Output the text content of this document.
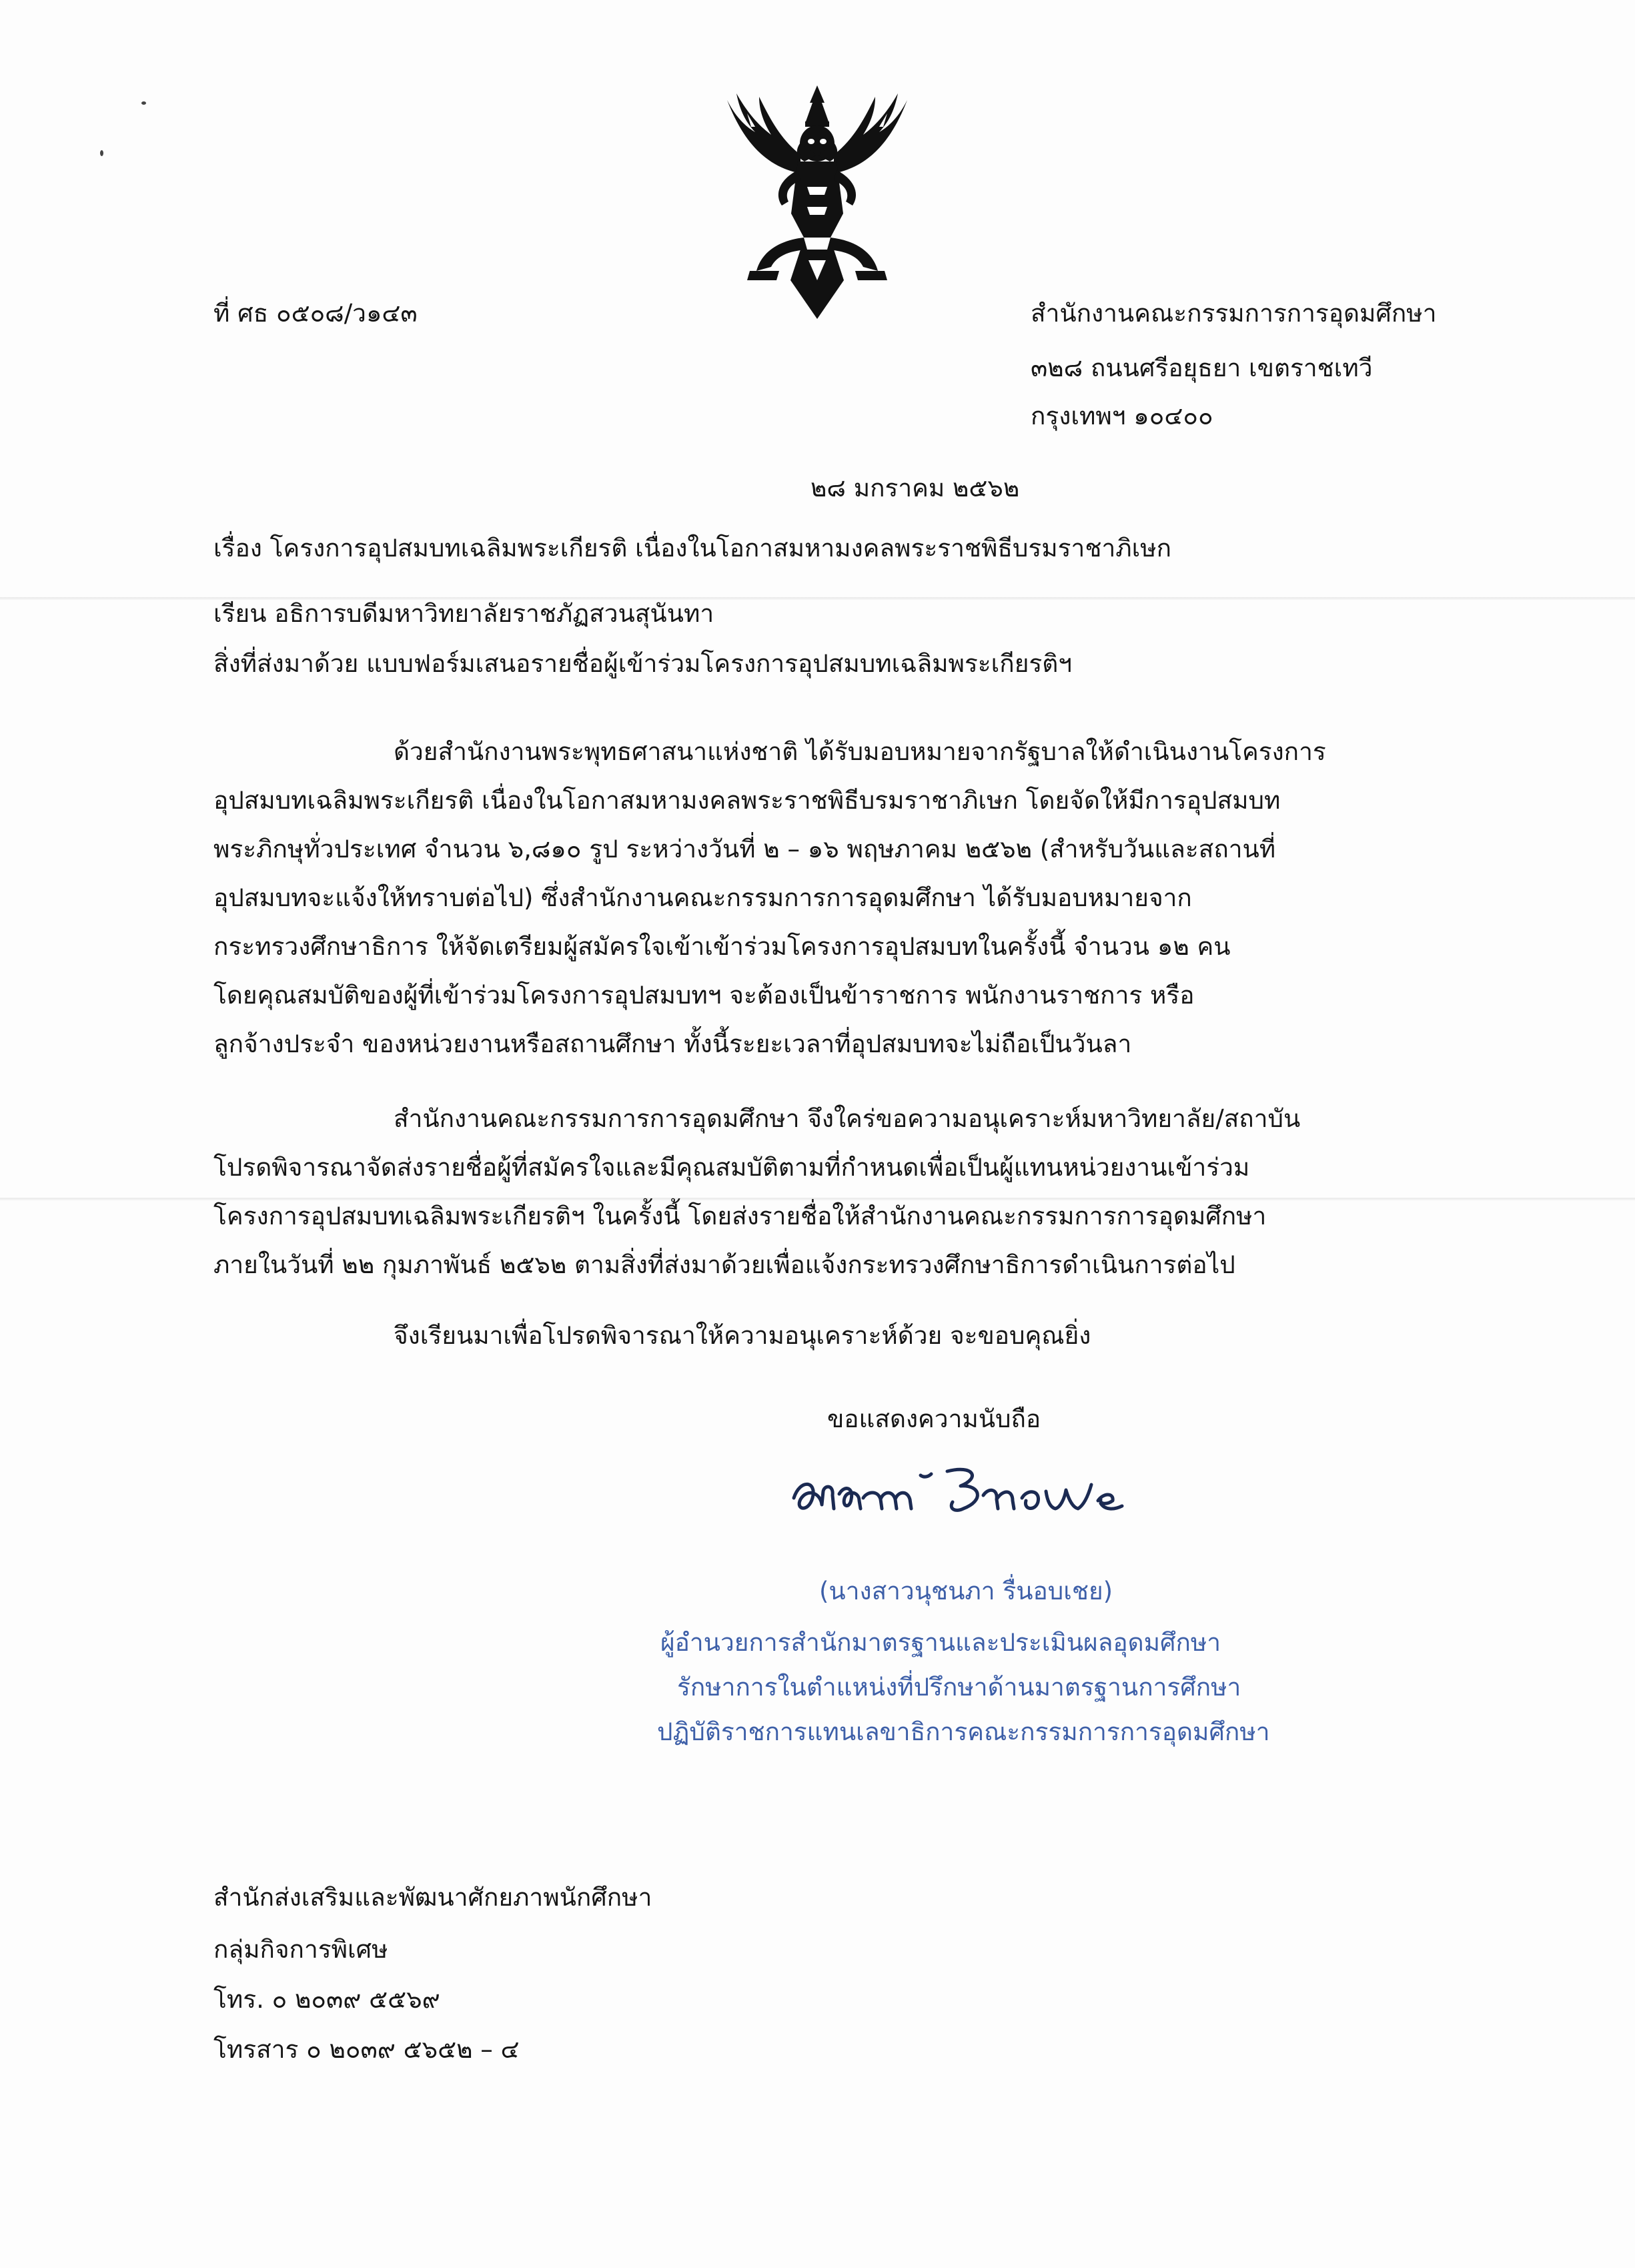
ที่ ศธ ๐๕๐๘/ว๑๔๓	สำนักงานคณะกรรมการการอุดมศึกษา
๓๒๘ ถนนศรีอยุธยา เขตราชเทวี
กรุงเทพฯ ๑๐๔๐๐
๒๘ มกราคม ๒๕๖๒
เรื่อง โครงการอุปสมบทเฉลิมพระเกียรติ เนื่องในโอกาสมหามงคลพระราชพิธีบรมราชาภิเษก
เรียน อธิการบดีมหาวิทยาลัยราชภัฏสวนสุนันทา
สิ่งที่ส่งมาด้วย แบบฟอร์มเสนอรายชื่อผู้เข้าร่วมโครงการอุปสมบทเฉลิมพระเกียรติฯ
ด้วยสำนักงานพระพุทธศาสนาแห่งชาติ ได้รับมอบหมายจากรัฐบาลให้ดำเนินงานโครงการ
อุปสมบทเฉลิมพระเกียรติ เนื่องในโอกาสมหามงคลพระราชพิธีบรมราชาภิเษก โดยจัดให้มีการอุปสมบท
พระภิกษุทั่วประเทศ จำนวน ๖,๘๑๐ รูป ระหว่างวันที่ ๒ – ๑๖ พฤษภาคม ๒๕๖๒ (สำหรับวันและสถานที่
อุปสมบทจะแจ้งให้ทราบต่อไป) ซึ่งสำนักงานคณะกรรมการการอุดมศึกษา ได้รับมอบหมายจาก
กระทรวงศึกษาธิการ ให้จัดเตรียมผู้สมัครใจเข้าเข้าร่วมโครงการอุปสมบทในครั้งนี้ จำนวน ๑๒ คน
โดยคุณสมบัติของผู้ที่เข้าร่วมโครงการอุปสมบทฯ จะต้องเป็นข้าราชการ พนักงานราชการ หรือ
ลูกจ้างประจำ ของหน่วยงานหรือสถานศึกษา ทั้งนี้ระยะเวลาที่อุปสมบทจะไม่ถือเป็นวันลา
สำนักงานคณะกรรมการการอุดมศึกษา จึงใคร่ขอความอนุเคราะห์มหาวิทยาลัย/สถาบัน
โปรดพิจารณาจัดส่งรายชื่อผู้ที่สมัครใจและมีคุณสมบัติตามที่กำหนดเพื่อเป็นผู้แทนหน่วยงานเข้าร่วม
โครงการอุปสมบทเฉลิมพระเกียรติฯ ในครั้งนี้ โดยส่งรายชื่อให้สำนักงานคณะกรรมการการอุดมศึกษา
ภายในวันที่ ๒๒ กุมภาพันธ์ ๒๕๖๒ ตามสิ่งที่ส่งมาด้วยเพื่อแจ้งกระทรวงศึกษาธิการดำเนินการต่อไป
จึงเรียนมาเพื่อโปรดพิจารณาให้ความอนุเคราะห์ด้วย จะขอบคุณยิ่ง
ขอแสดงความนับถือ
(นางสาวนุชนภา รื่นอบเชย)
ผู้อำนวยการสำนักมาตรฐานและประเมินผลอุดมศึกษา
รักษาการในตำแหน่งที่ปรึกษาด้านมาตรฐานการศึกษา
ปฏิบัติราชการแทนเลขาธิการคณะกรรมการการอุดมศึกษา
สำนักส่งเสริมและพัฒนาศักยภาพนักศึกษา
กลุ่มกิจการพิเศษ
โทร. ๐ ๒๐๓๙ ๕๕๖๙
โทรสาร ๐ ๒๐๓๙ ๕๖๕๒ – ๔
